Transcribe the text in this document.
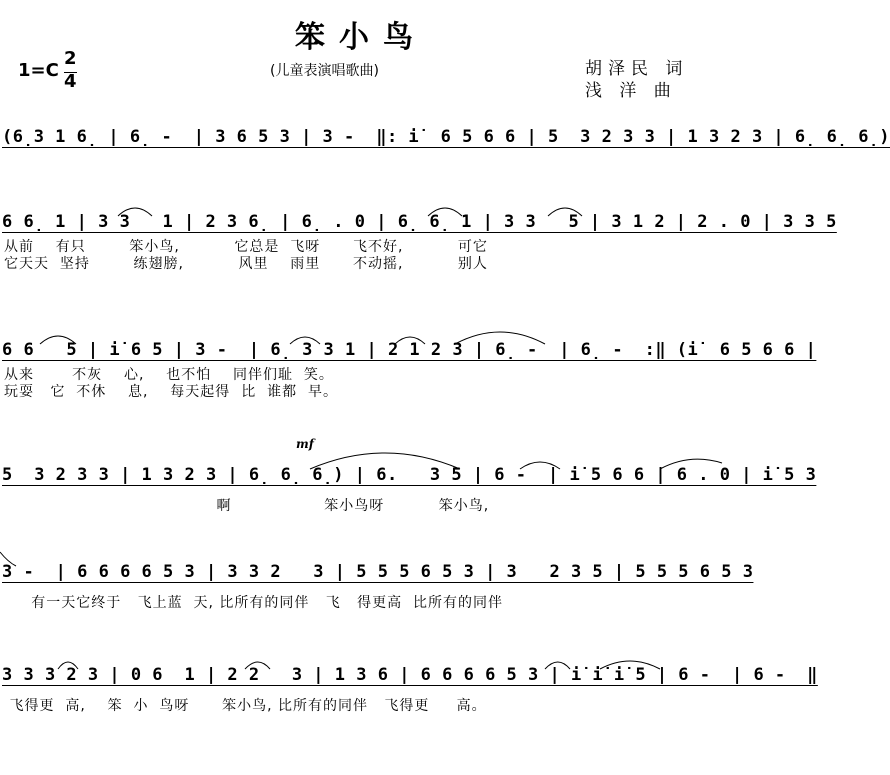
笨小鸟
1=C
2
4	(儿童表演唱歌曲)	胡泽民 词
浅 洋 曲
(6̣3 1 6̣ | 6̣ -  | 3 6 5 3 | 3 -  ‖: i̇  6 5 6 6 | 5  3 2 3 3 | 1 3 2 3 | 6̣ 6̣ 6̣)
6 6̣ 1 | 3 3   1 | 2 3 6̣ | 6̣ . 0 | 6̣ 6̣ 1 | 3 3   5 | 3 1 2 | 2 . 0 | 3 3 5
从前    有只        笨小鸟,          它总是  飞呀      飞不好,          可它
它天天  坚持        练翅膀,          风里    雨里      不动摇,          别人
6 6   5 | i̇ 6 5 | 3 -  | 6̣ 3 3 1 | 2 1 2 3 | 6̣ -  | 6̣ -  :‖ (i̇  6 5 6 6 |
从来       不灰    心,    也不怕    同伴们耻  笑。
玩耍   它  不休    息,    每天起得  比  谁都  早。
mf
5  3 2 3 3 | 1 3 2 3 | 6̣ 6̣ 6̣) | 6.   3 5 | 6 -  | i̇ 5 6 6 | 6 . 0 | i̇ 5 3
啊                 笨小鸟呀          笨小鸟,
3 -  | 6 6 6 6 5 3 | 3 3 2   3 | 5 5 5 6 5 3 | 3   2 3 5 | 5 5 5 6 5 3
有一天它终于   飞上蓝  天, 比所有的同伴   飞   得更高  比所有的同伴
3 3 3 2 3 | 0 6  1 | 2 2   3 | 1 3 6 | 6 6 6 6 5 3 | i̇ i̇ i̇ 5 | 6 -  | 6 -  ‖
飞得更  高,    笨  小  鸟呀      笨小鸟, 比所有的同伴   飞得更     高。
